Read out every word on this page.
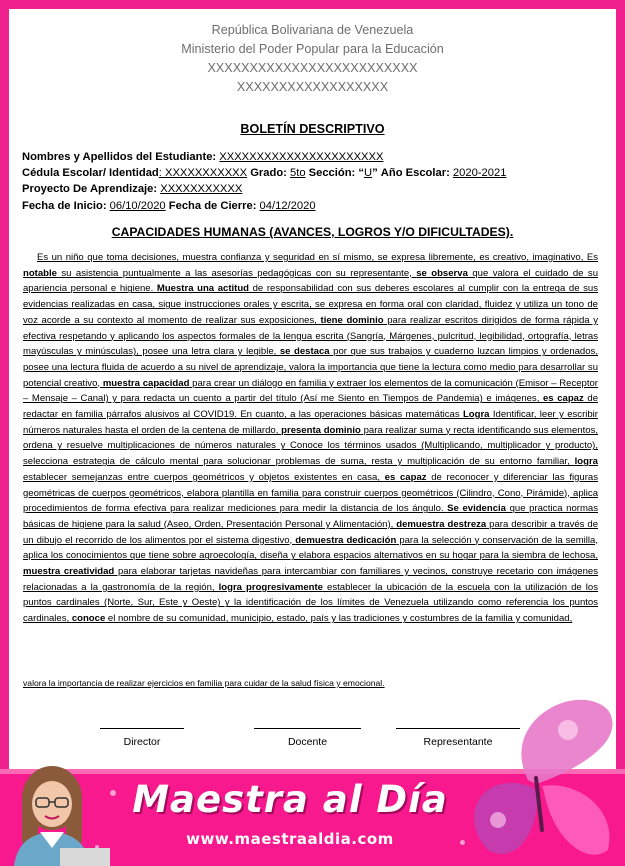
República Bolivariana de Venezuela
Ministerio del Poder Popular para la Educación
XXXXXXXXXXXXXXXXXXXXXXXXX
XXXXXXXXXXXXXXXXXX
BOLETÍN DESCRIPTIVO
Nombres y Apellidos del Estudiante: XXXXXXXXXXXXXXXXXXXXXX
Cédula Escolar/ Identidad: XXXXXXXXXXX Grado: 5to Sección: “U” Año Escolar: 2020-2021
Proyecto De Aprendizaje: XXXXXXXXXXX
Fecha de Inicio: 06/10/2020 Fecha de Cierre: 04/12/2020
CAPACIDADES HUMANAS (AVANCES, LOGROS Y/O DIFICULTADES).
Es un niño que toma decisiones, muestra confianza y seguridad en sí mismo, se expresa libremente, es creativo, imaginativo, Es notable su asistencia puntualmente a las asesorías pedagógicas con su representante, se observa que valora el cuidado de su apariencia personal e higiene. Muestra una actitud de responsabilidad con sus deberes escolares al cumplir con la entrega de sus evidencias realizadas en casa, sigue instrucciones orales y escrita, se expresa en forma oral con claridad, fluidez y utiliza un tono de voz acorde a su contexto al momento de realizar sus exposiciones, tiene dominio para realizar escritos dirigidos de forma rápida y efectiva respetando y aplicando los aspectos formales de la lengua escrita (Sangría, Márgenes, pulcritud, legibilidad, ortografía, letras mayúsculas y minúsculas), posee una letra clara y legible, se destaca por que sus trabajos y cuaderno luzcan limpios y ordenados, posee una lectura fluida de acuerdo a su nivel de aprendizaje, valora la importancia que tiene la lectura como medio para desarrollar su potencial creativo, muestra capacidad para crear un diálogo en familia y extraer los elementos de la comunicación (Emisor – Receptor – Mensaje – Canal) y para redacta un cuento a partir del título (Así me Siento en Tiempos de Pandemia) e imágenes, es capaz de redactar en familia párrafos alusivos al COVID19. En cuanto, a las operaciones básicas matemáticas Logra Identificar, leer y escribir números naturales hasta el orden de la centena de millardo, presenta dominio para realizar suma y recta identificando sus elementos, ordena y resuelve multiplicaciones de números naturales y Conoce los términos usados (Multiplicando, multiplicador y producto), selecciona estrategia de cálculo mental para solucionar problemas de suma, resta y multiplicación de su entorno familiar, logra establecer semejanzas entre cuerpos geométricos y objetos existentes en casa, es capaz de reconocer y diferenciar las figuras geométricas de cuerpos geométricos, elabora plantilla en familia para construir cuerpos geométricos (Cilindro, Cono, Pirámide), aplica procedimientos de forma efectiva para realizar mediciones para medir la distancia de los ángulo. Se evidencia que practica normas básicas de higiene para la salud (Aseo, Orden, Presentación Personal y Alimentación), demuestra destreza para describir a través de un dibujo el recorrido de los alimentos por el sistema digestivo, demuestra dedicación para la selección y conservación de la semilla, aplica los conocimientos que tiene sobre agroecología, diseña y elabora espacios alternativos en su hogar para la siembra de lechosa, muestra creatividad para elaborar tarjetas navideñas para intercambiar con familiares y vecinos, construye recetario con imágenes relacionadas a la gastronomía de la región, logra progresivamente establecer la ubicación de la escuela con la utilización de los puntos cardinales (Norte, Sur, Este y Oeste) y la identificación de los límites de Venezuela utilizando como referencia los puntos cardinales, conoce el nombre de su comunidad, municipio, estado, país y las tradiciones y costumbres de la familia y comunidad,
valora la importancia de realizar ejercicios en familia para cuidar de la salud física y emocional.
Director	Docente	Representante
Maestra al Día
www.maestraaldia.com
